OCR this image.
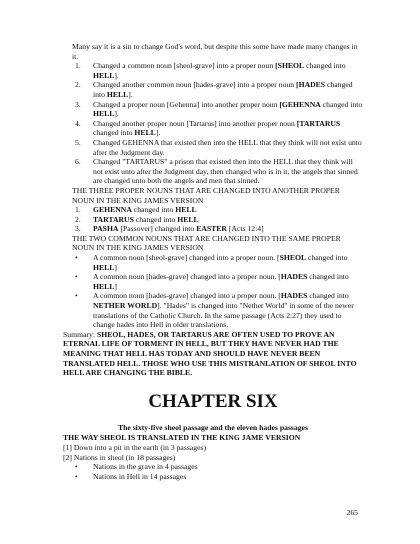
Many say it is a sin to change God's word, but despite this some have made many changes in it.

1. Changed a common noun [sheol-grave] into a proper noun [SHEOL changed into HELL].
2. Changed another common noun [hades-grave] into a proper noun [HADES changed into HELL].
3. Changed a proper noun [Gehenna] into another proper noun [GEHENNA changed into HELL].
4. Changed another proper noun [Tartarus] into another proper noun [TARTARUS changed into HELL].
5. Changed GEHENNA that existed then into the HELL that they think will not exist unto after the Judgment day.
6. Changed "TARTARUS" a prison that existed then into the HELL that they think will not exist unto after the Judgment day, then changed who is in it, the angels that sinned are changed unto both the angels and men that sinned.

THE THREE PROPER NOUNS THAT ARE CHANGED INTO ANOTHER PROPER NOUN IN THE KING JAMES VERSION

1. GEHENNA changed into HELL
2. TARTARUS changed into HELL
3. PASHA [Passover] changed into EASTER [Acts 12:4]

THE TWO COMMON NOUNS THAT ARE CHANGED INTO THE SAME PROPER NOUN IN THE KING JAMES VERSION

• A common noun [sheol-grave] changed into a proper noun. [SHEOL changed into HELL]
• A common noun [hades-grave] changed into a proper noun. [HADES changed into HELL]
• A common noun [hades-grave] changed into a proper noun. [HADES changed into NETHER WORLD]. "Hades" is changed into "Nether World" in some of the newer translations of the Catholic Church. In the same passage (Acts 2:27) they used to change hades into Hell in older translations.

Summary: SHEOL, HADES, OR TARTARUS ARE OFTEN USED TO PROVE AN ETERNAL LIFE OF TORMENT IN HELL, BUT THEY HAVE NEVER HAD THE MEANING THAT HELL HAS TODAY AND SHOULD HAVE NEVER BEEN TRANSLATED HELL. THOSE WHO USE THIS MISTRANLATION OF SHEOL INTO HELL ARE CHANGING THE BIBLE.

CHAPTER SIX
The sixty-five sheol passage and the eleven hades passages
THE WAY SHEOL IS TRANSLATED IN THE KING JAME VERSION
[1] Down into a pit in the earth (in 3 passages)
[2] Nations in sheol (in 18 passages)
• Nations in the grave in 4 passages
• Nations in Hell in 14 passages
265
